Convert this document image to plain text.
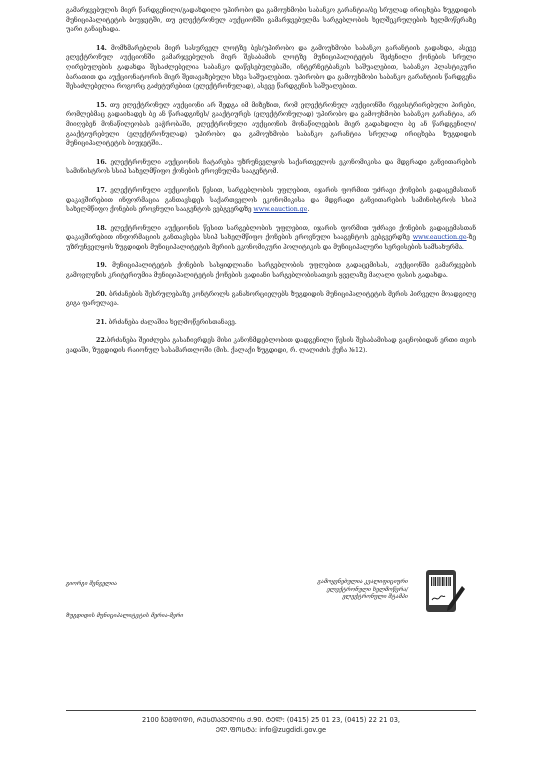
გამარჯვებულის მიერ წარდგენილი/გადახდილი უპირობო და გამოუხმობი საბანკო გარანტია/ბე სრულად ირიცხება ზუგდიდის მუნიციპალიტეტის ბიუჯეტში, თუ ელექტრონულ აუქციონში გამარჯვებულმა სარგებლობის ხელშეკრულების ხელმოწერაზე უარი განაცხადა.

14. მომხმარებლის მიერ სასურველ ლოტზე ბეს/უპირობო და გამოუხმობი საბანკო გარანტიის გადახდა, ასევე ელექტრონულ აუქციონში გამარჯვებულის მიერ შესაბამის ლოტზე მუნიციპალიტეტის შეძენილი ქონების სრული ღირებულების გადახდა შესაძლებელია საბანკო დაწესებულებაში, ინტერნეტბანკის საშუალებით, საბანკო პლასტიკური ბარათით და აუქციონატორის მიერ შეთავაზებული სხვა საშუალებით. უპირობო და გამოუხმობი საბანკო გარანტიის წარდგენა შესაძლებელია როგორც გაძეტურებით (ელექტრონულად), ასევე წარდგენის საშუალებით.

15. თუ ელექტრონულ აუქციონი არ შედგა იმ მიზეზით, რომ ელექტრონულ აუქციონში რეგისტრირებული პირები, რომლებმაც გადაიხადეს ბე ან წარადგინეს/ გააქტიურეს (ელექტრონულად) უპირობო და გამოუხმობი საბანკო გარანტია, არ მიიღებენ მონაწილეობას ვაჭრობაში, ელექტრონული აუქციონის მონაწილეების მიერ გადახდილი ბე ან წარდგენილი/გააქტიურებული (ელექტრონულად) უპირობო და გამოუხმობი საბანკო გარანტია სრულად ირიცხება ზუგდიდის მუნიციპალიტეტის ბიუჯეტში..

16. ელექტრონული აუქციონის ჩატარება უზრუნველყოს საქართველოს ეკონომიკისა და მდგრადი განვითარების სამინისტროს სსიპ სახელმწიფო ქონების ეროვნულმა სააგენტომ.

17. ელექტრონული აუქციონის წესით, სარგებლობის უფლებით, იჯარის ფორმით უძრავი ქონების გადაცემასთან დაკავშირებით ინფორმაცია განთავსდეს საქართველოს ეკონომიკისა და მდგრადი განვითარების სამინისტროს სსიპ სახელმწიფო ქონების ეროვნული სააგენტოს ვებგვერდზე www.eauction.ge.

18. ელექტრონული აუქციონის წესით სარგებლობის უფლებით, იჯარის ფორმით უძრავი ქონების გადაცემასთან დაკავშირებით ინფორმაციის განთავსება სსიპ სახელმწიფო ქონების ეროვნული სააგენტოს ვებგვერდზე www.eauction.ge-ზე უზრუნველყოს ზუგდიდის მუნიციპალიტეტის მერიის ეკონომიკური პოლიტიკის და მუნიციპალური სერვისების სამსახურმა.

19. მუნიციპალიტეტის ქონების სასყიდლიანი სარგებლობის უფლებით გადაცემისას, აუქციონში გამარჯვების გამოვლენის კრიტერიუმია მუნიციპალიტეტის ქონების ვადიანი სარგებლობისათვის ყველაზე მაღალი ფასის გადახდა.

20. ბრძანების შესრულებაზე კონტროლს განახორციელებს ზუგდიდის მუნიციპალიტეტის მერის პირველი მოადგილე გიგა ფარულავა.

21. ბრძანება ძალაშია ხელმოწერისთანავე.

22.ბრძანება შეიძლება გასაჩივრდეს მისი კანონმდებლობით დადგენილი წესის შესაბამისად გაცნობიდან ერთი თვის ვადაში, ზუგდიდის რაიონულ სასამართლოში (მის. ქალაქი ზუგდიდი, რ. ლალიძის ქუჩა №12).

გიორგი შენგელია
ზუგდიდის მუნიციპალიტეტის მერია-მერი
გამოყენებულია კვალიფიციური ელექტრონული ხელმოწერა/ ელექტრონული შტამპი
2100 ზᲣᲒᲓᲘᲓᲘ, ᲠᲣᲡᲗᲐᲕᲔᲚᲘᲡ Ქ.90. ᲢᲔᲚ: (0415) 25 01 23, (0415) 22 21 03,
ᲔᲚ.ᲤᲝᲡᲢᲐ: info@zugdidi.gov.ge
